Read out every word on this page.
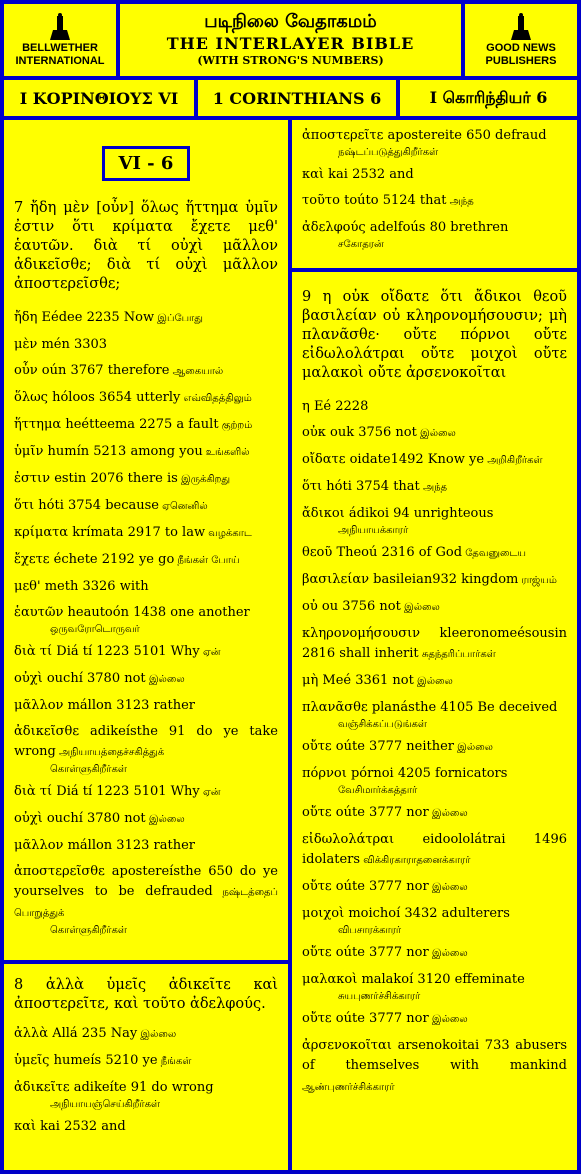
BELLWETHER INTERNATIONAL
படிநிலை வேதாகமம்
THE INTERLAYER BIBLE
(WITH STRONG'S NUMBERS)
GOOD NEWS PUBLISHERS
Ι ΚΟΡΙΝΘΙΟΥΣ VI	1 CORINTHIANS 6	I கொரிந்தியர் 6
VI - 6
7 ἤδη μὲν [οὖν] ὅλως ἥττημα ὑμῖν ἐστιν ὅτι κρίματα ἔχετε μεθ' ἑαυτῶν. διὰ τί οὐχὶ μᾶλλον ἀδικεῖσθε; διὰ τί οὐχὶ μᾶλλον ἀποστερεῖσθε;
ἤδη Eédee 2235 Now இப்போது
μὲν mén 3303
οὖν oún 3767 therefore ஆகையால்
ὅλως hóloos 3654 utterly எவ்விதத்திலும்
ἥττημα heétteema 2275 a fault குற்றம்
ὑμῖν humín 5213 among you உங்களில்
ἐστιν estin 2076 there is இருக்கிறது
ὅτι hóti 3754 because ஏனெனில்
κρίματα krímata 2917 to law வழக்காட
ἔχετε échete 2192 ye go நீங்கள் போய்
μεθ' meth 3326 with
ἑαυτῶν heautoón 1438 one another
ஒருவரோடொருவர்
διὰ τί Diá tí 1223 5101 Why ஏன்
οὐχὶ ouchí 3780 not இல்லை
μᾶλλον mállon 3123 rather
ἀδικεῖσθε adikeísthe 91 do ye take wrong அநியாயத்தைச்சகித்துக்
கொள்ளுகிறீர்கள்
διὰ τί Diá tí 1223 5101 Why ஏன்
οὐχὶ ouchí 3780 not இல்லை
μᾶλλον mállon 3123 rather
ἀποστερεῖσθε apostereísthe 650 do ye yourselves to be defrauded நஷ்டத்தைப் பொறுத்துக்
கொள்ளுகிறீர்கள்
8 ἀλλὰ ὑμεῖς ἀδικεῖτε καὶ ἀποστερεῖτε, καὶ τοῦτο ἀδελφούς.
ἀλλὰ Allá 235 Nay இல்லை
ὑμεῖς humeís 5210 ye நீங்கள்
ἀδικεῖτε adikeíte 91 do wrong
அநியாயஞ்செய்கிறீர்கள்
καὶ kai 2532 and
ἀποστερεῖτε apostereite 650 defraud
நஷ்டப்படுத்துகிறீர்கள்
καὶ kai 2532 and
τοῦτο toúto 5124 that அந்த
ἀδελφούς adelfoús 80 brethren
சகோதரன்
9 η οὐκ οἴδατε ὅτι ἄδικοι θεοῦ βασιλείαν οὐ κληρονομήσουσιν; μὴ πλανᾶσθε· οὔτε πόρνοι οὔτε εἰδωλολάτραι οὔτε μοιχοὶ οὔτε μαλακοὶ οὔτε ἀρσενοκοῖται
η Eé 2228
οὐκ ouk 3756 not இல்லை
οἴδατε oidate1492 Know ye அறிகிறீர்கள்
ὅτι hóti 3754 that அந்த
ἄδικοι ádikoi 94 unrighteous
அநியாயக்காரர்
θεοῦ Theoú 2316 of God தேவனுடைய
βασιλείαν basileian932 kingdom ராஜ்யம்
οὐ ou 3756 not இல்லை
κληρονομήσουσιν kleeronomeésousin 2816 shall inherit சுதந்தரிப்பார்கள்
μὴ Meé 3361 not இல்லை
πλανᾶσθε planásthe 4105 Be deceived
வஞ்சிக்கப்படுங்கள்
οὔτε oúte 3777 neither இல்லை
πόρνοι pórnoi 4205 fornicators
வேசிமார்க்கத்தார்
οὔτε oúte 3777 nor இல்லை
εἰδωλολάτραι eidoololátrai 1496 idolaters விக்கிரகாராதனைக்காரர்
οὔτε oúte 3777 nor இல்லை
μοιχοὶ moichoí 3432 adulterers
விபசாரக்காரர்
οὔτε oúte 3777 nor இல்லை
μαλακοὶ malakoí 3120 effeminate
சுயபுணர்ச்சிக்காரர்
οὔτε oúte 3777 nor இல்லை
ἀρσενοκοῖται arsenokoitai 733 abusers of themselves with mankind ஆண்புணர்ச்சிக்காரர்
